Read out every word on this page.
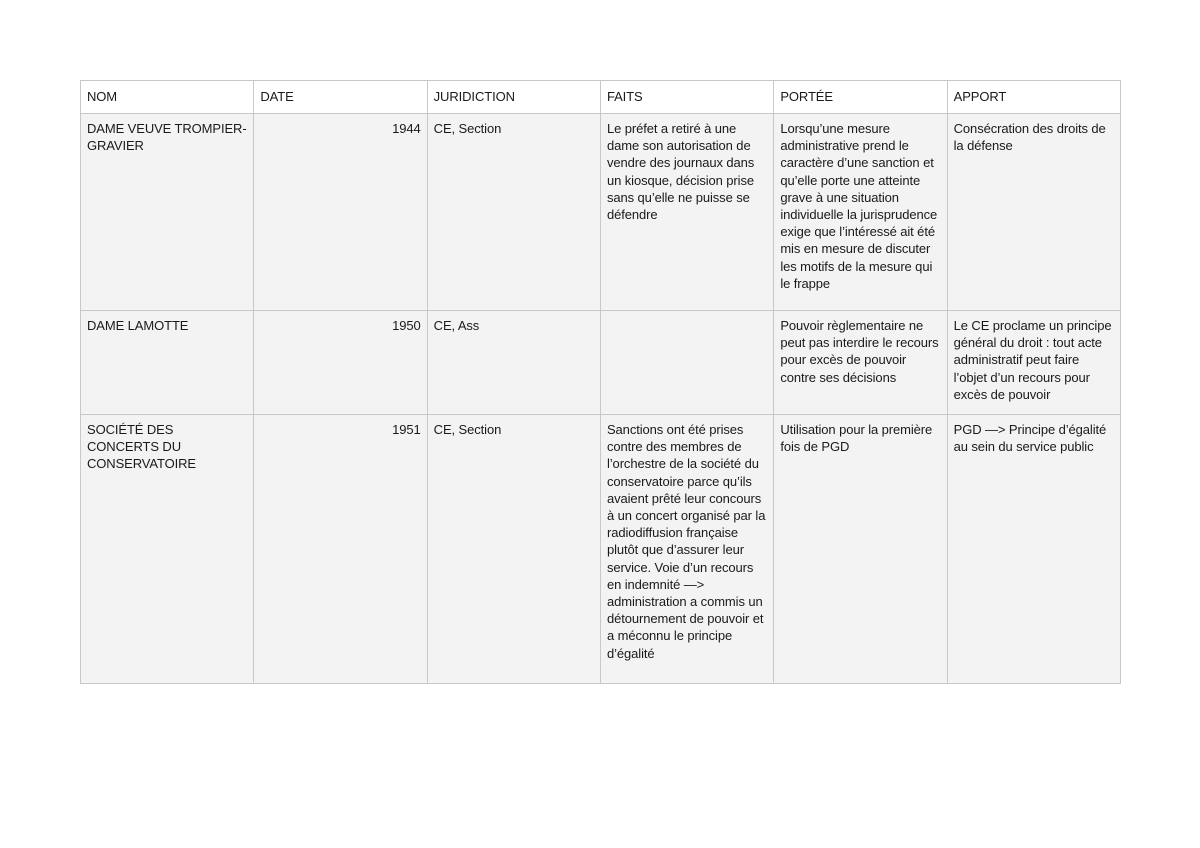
NOM	DATE	JURIDICTION	FAITS	PORTÉE	APPORT
DAME VEUVE TROMPIER-GRAVIER	1944	CE, Section	Le préfet a retiré à une dame son autorisation de vendre des journaux dans un kiosque, décision prise sans qu’elle ne puisse se défendre	Lorsqu’une mesure administrative prend le caractère d’une sanction et qu’elle porte une atteinte grave à une situation individuelle la jurisprudence exige que l’intéressé ait été mis en mesure de discuter les motifs de la mesure qui le frappe	Consécration des droits de la défense
DAME LAMOTTE	1950	CE, Ass		Pouvoir règlementaire ne peut pas interdire le recours pour excès de pouvoir contre ses décisions	Le CE proclame un principe général du droit : tout acte administratif peut faire l’objet d’un recours pour excès de pouvoir
SOCIÉTÉ DES CONCERTS DU CONSERVATOIRE	1951	CE, Section	Sanctions ont été prises contre des membres de l’orchestre de la société du conservatoire parce qu’ils avaient prêté leur concours à un concert organisé par la radiodiffusion française plutôt que d’assurer leur service. Voie d’un recours en indemnité —> administration a commis un détournement de pouvoir et a méconnu le principe d’égalité	Utilisation pour la première fois de PGD	PGD —> Principe d’égalité au sein du service public
